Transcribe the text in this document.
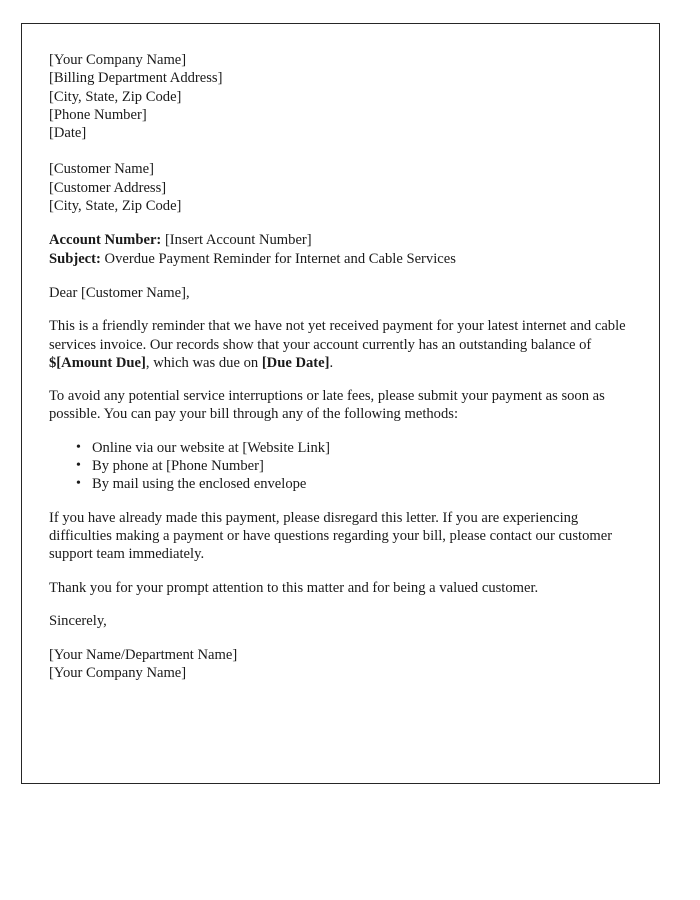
[Your Company Name]
[Billing Department Address]
[City, State, Zip Code]
[Phone Number]
[Date]
[Customer Name]
[Customer Address]
[City, State, Zip Code]
Account Number: [Insert Account Number]
Subject: Overdue Payment Reminder for Internet and Cable Services

Dear [Customer Name],

This is a friendly reminder that we have not yet received payment for your latest internet and cable services invoice. Our records show that your account currently has an outstanding balance of $[Amount Due], which was due on [Due Date].

To avoid any potential service interruptions or late fees, please submit your payment as soon as possible. You can pay your bill through any of the following methods:

• Online via our website at [Website Link]
• By phone at [Phone Number]
• By mail using the enclosed envelope

If you have already made this payment, please disregard this letter. If you are experiencing difficulties making a payment or have questions regarding your bill, please contact our customer support team immediately.

Thank you for your prompt attention to this matter and for being a valued customer.

Sincerely,

[Your Name/Department Name]
[Your Company Name]
